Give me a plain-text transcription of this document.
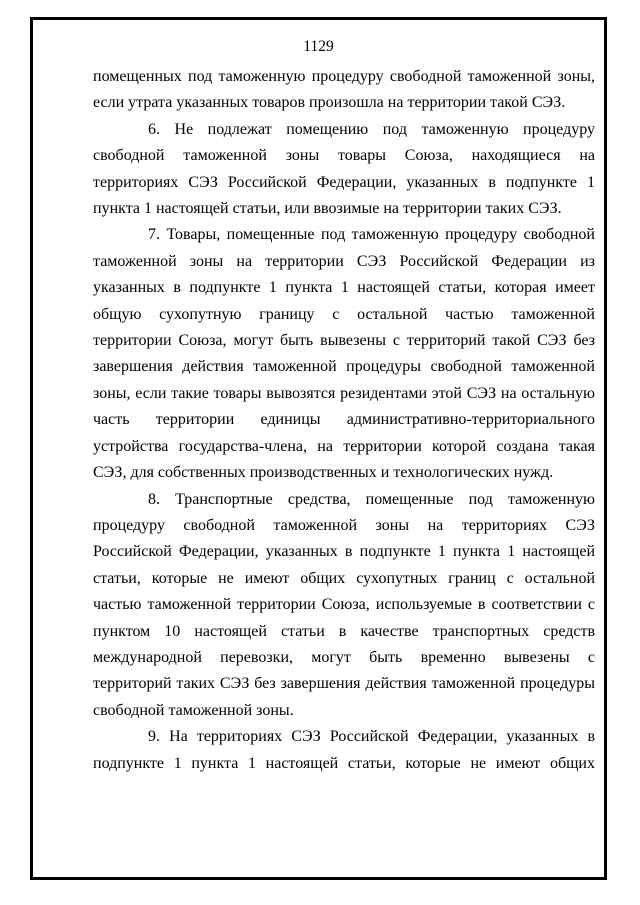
1129
помещенных под таможенную процедуру свободной таможенной зоны,
если утрата указанных товаров произошла на территории такой СЭЗ.
6. Не подлежат помещению под таможенную процедуру
свободной таможенной зоны товары Союза, находящиеся на
территориях СЭЗ Российской Федерации, указанных в подпункте 1
пункта 1 настоящей статьи, или ввозимые на территории таких СЭЗ.
7. Товары, помещенные под таможенную процедуру свободной
таможенной зоны на территории СЭЗ Российской Федерации из
указанных в подпункте 1 пункта 1 настоящей статьи, которая имеет
общую сухопутную границу с остальной частью таможенной
территории Союза, могут быть вывезены с территорий такой СЭЗ без
завершения действия таможенной процедуры свободной таможенной
зоны, если такие товары вывозятся резидентами этой СЭЗ на остальную
часть территории единицы административно-территориального
устройства государства-члена, на территории которой создана такая
СЭЗ, для собственных производственных и технологических нужд.
8. Транспортные средства, помещенные под таможенную
процедуру свободной таможенной зоны на территориях СЭЗ
Российской Федерации, указанных в подпункте 1 пункта 1 настоящей
статьи, которые не имеют общих сухопутных границ с остальной
частью таможенной территории Союза, используемые в соответствии с
пунктом 10 настоящей статьи в качестве транспортных средств
международной перевозки, могут быть временно вывезены с
территорий таких СЭЗ без завершения действия таможенной процедуры
свободной таможенной зоны.
9. На территориях СЭЗ Российской Федерации, указанных в
подпункте 1 пункта 1 настоящей статьи, которые не имеют общих
